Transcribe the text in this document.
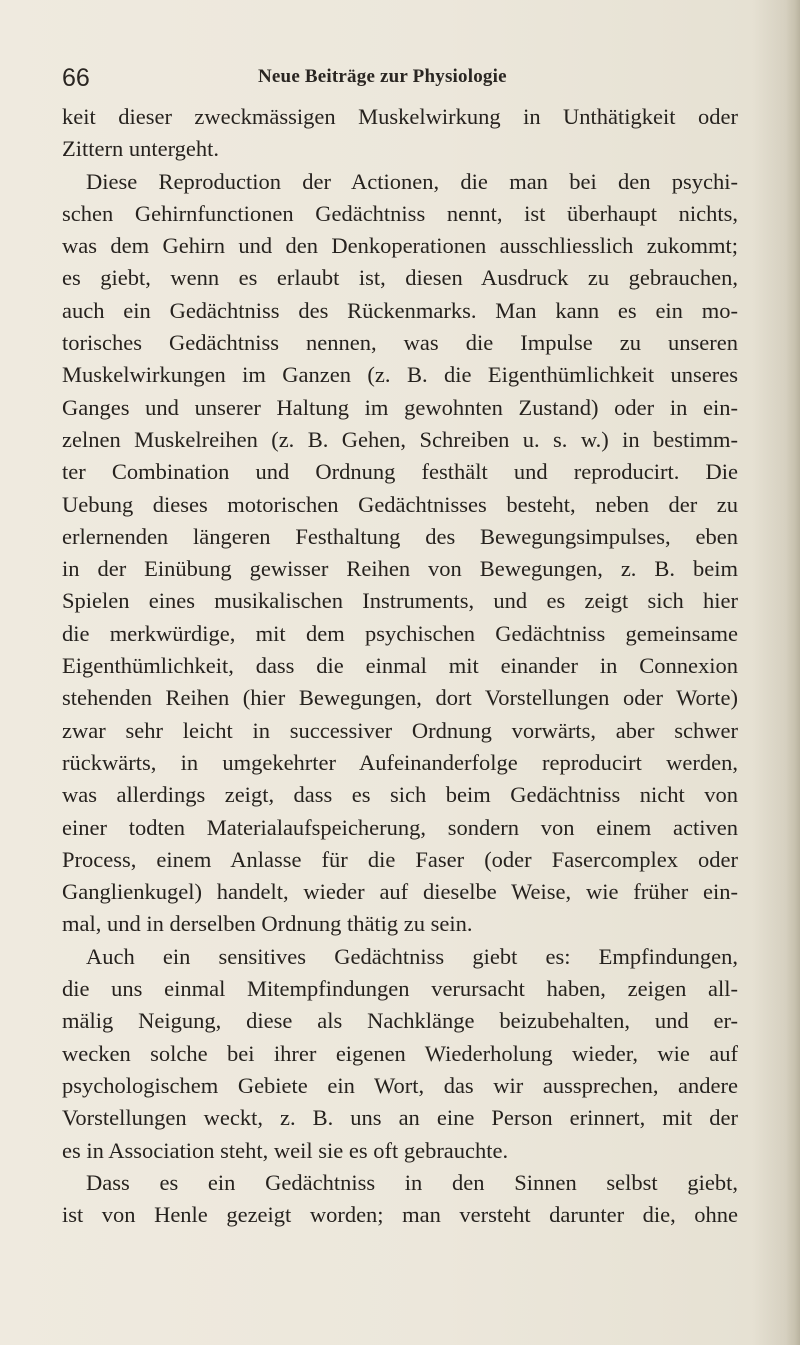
66	Neue Beiträge zur Physiologie
keit dieser zweckmässigen Muskelwirkung in Unthätigkeit oder
Zittern untergeht.
Diese Reproduction der Actionen, die man bei den psychi-
schen Gehirnfunctionen Gedächtniss nennt, ist überhaupt nichts,
was dem Gehirn und den Denkoperationen ausschliesslich zukommt;
es giebt, wenn es erlaubt ist, diesen Ausdruck zu gebrauchen,
auch ein Gedächtniss des Rückenmarks. Man kann es ein mo-
torisches Gedächtniss nennen, was die Impulse zu unseren
Muskelwirkungen im Ganzen (z. B. die Eigenthümlichkeit unseres
Ganges und unserer Haltung im gewohnten Zustand) oder in ein-
zelnen Muskelreihen (z. B. Gehen, Schreiben u. s. w.) in bestimm-
ter Combination und Ordnung festhält und reproducirt. Die
Uebung dieses motorischen Gedächtnisses besteht, neben der zu
erlernenden längeren Festhaltung des Bewegungsimpulses, eben
in der Einübung gewisser Reihen von Bewegungen, z. B. beim
Spielen eines musikalischen Instruments, und es zeigt sich hier
die merkwürdige, mit dem psychischen Gedächtniss gemeinsame
Eigenthümlichkeit, dass die einmal mit einander in Connexion
stehenden Reihen (hier Bewegungen, dort Vorstellungen oder Worte)
zwar sehr leicht in successiver Ordnung vorwärts, aber schwer
rückwärts, in umgekehrter Aufeinanderfolge reproducirt werden,
was allerdings zeigt, dass es sich beim Gedächtniss nicht von
einer todten Materialaufspeicherung, sondern von einem activen
Process, einem Anlasse für die Faser (oder Fasercomplex oder
Ganglienkugel) handelt, wieder auf dieselbe Weise, wie früher ein-
mal, und in derselben Ordnung thätig zu sein.
Auch ein sensitives Gedächtniss giebt es: Empfindungen,
die uns einmal Mitempfindungen verursacht haben, zeigen all-
mälig Neigung, diese als Nachklänge beizubehalten, und er-
wecken solche bei ihrer eigenen Wiederholung wieder, wie auf
psychologischem Gebiete ein Wort, das wir aussprechen, andere
Vorstellungen weckt, z. B. uns an eine Person erinnert, mit der
es in Association steht, weil sie es oft gebrauchte.
Dass es ein Gedächtniss in den Sinnen selbst giebt,
ist von Henle gezeigt worden; man versteht darunter die, ohne
